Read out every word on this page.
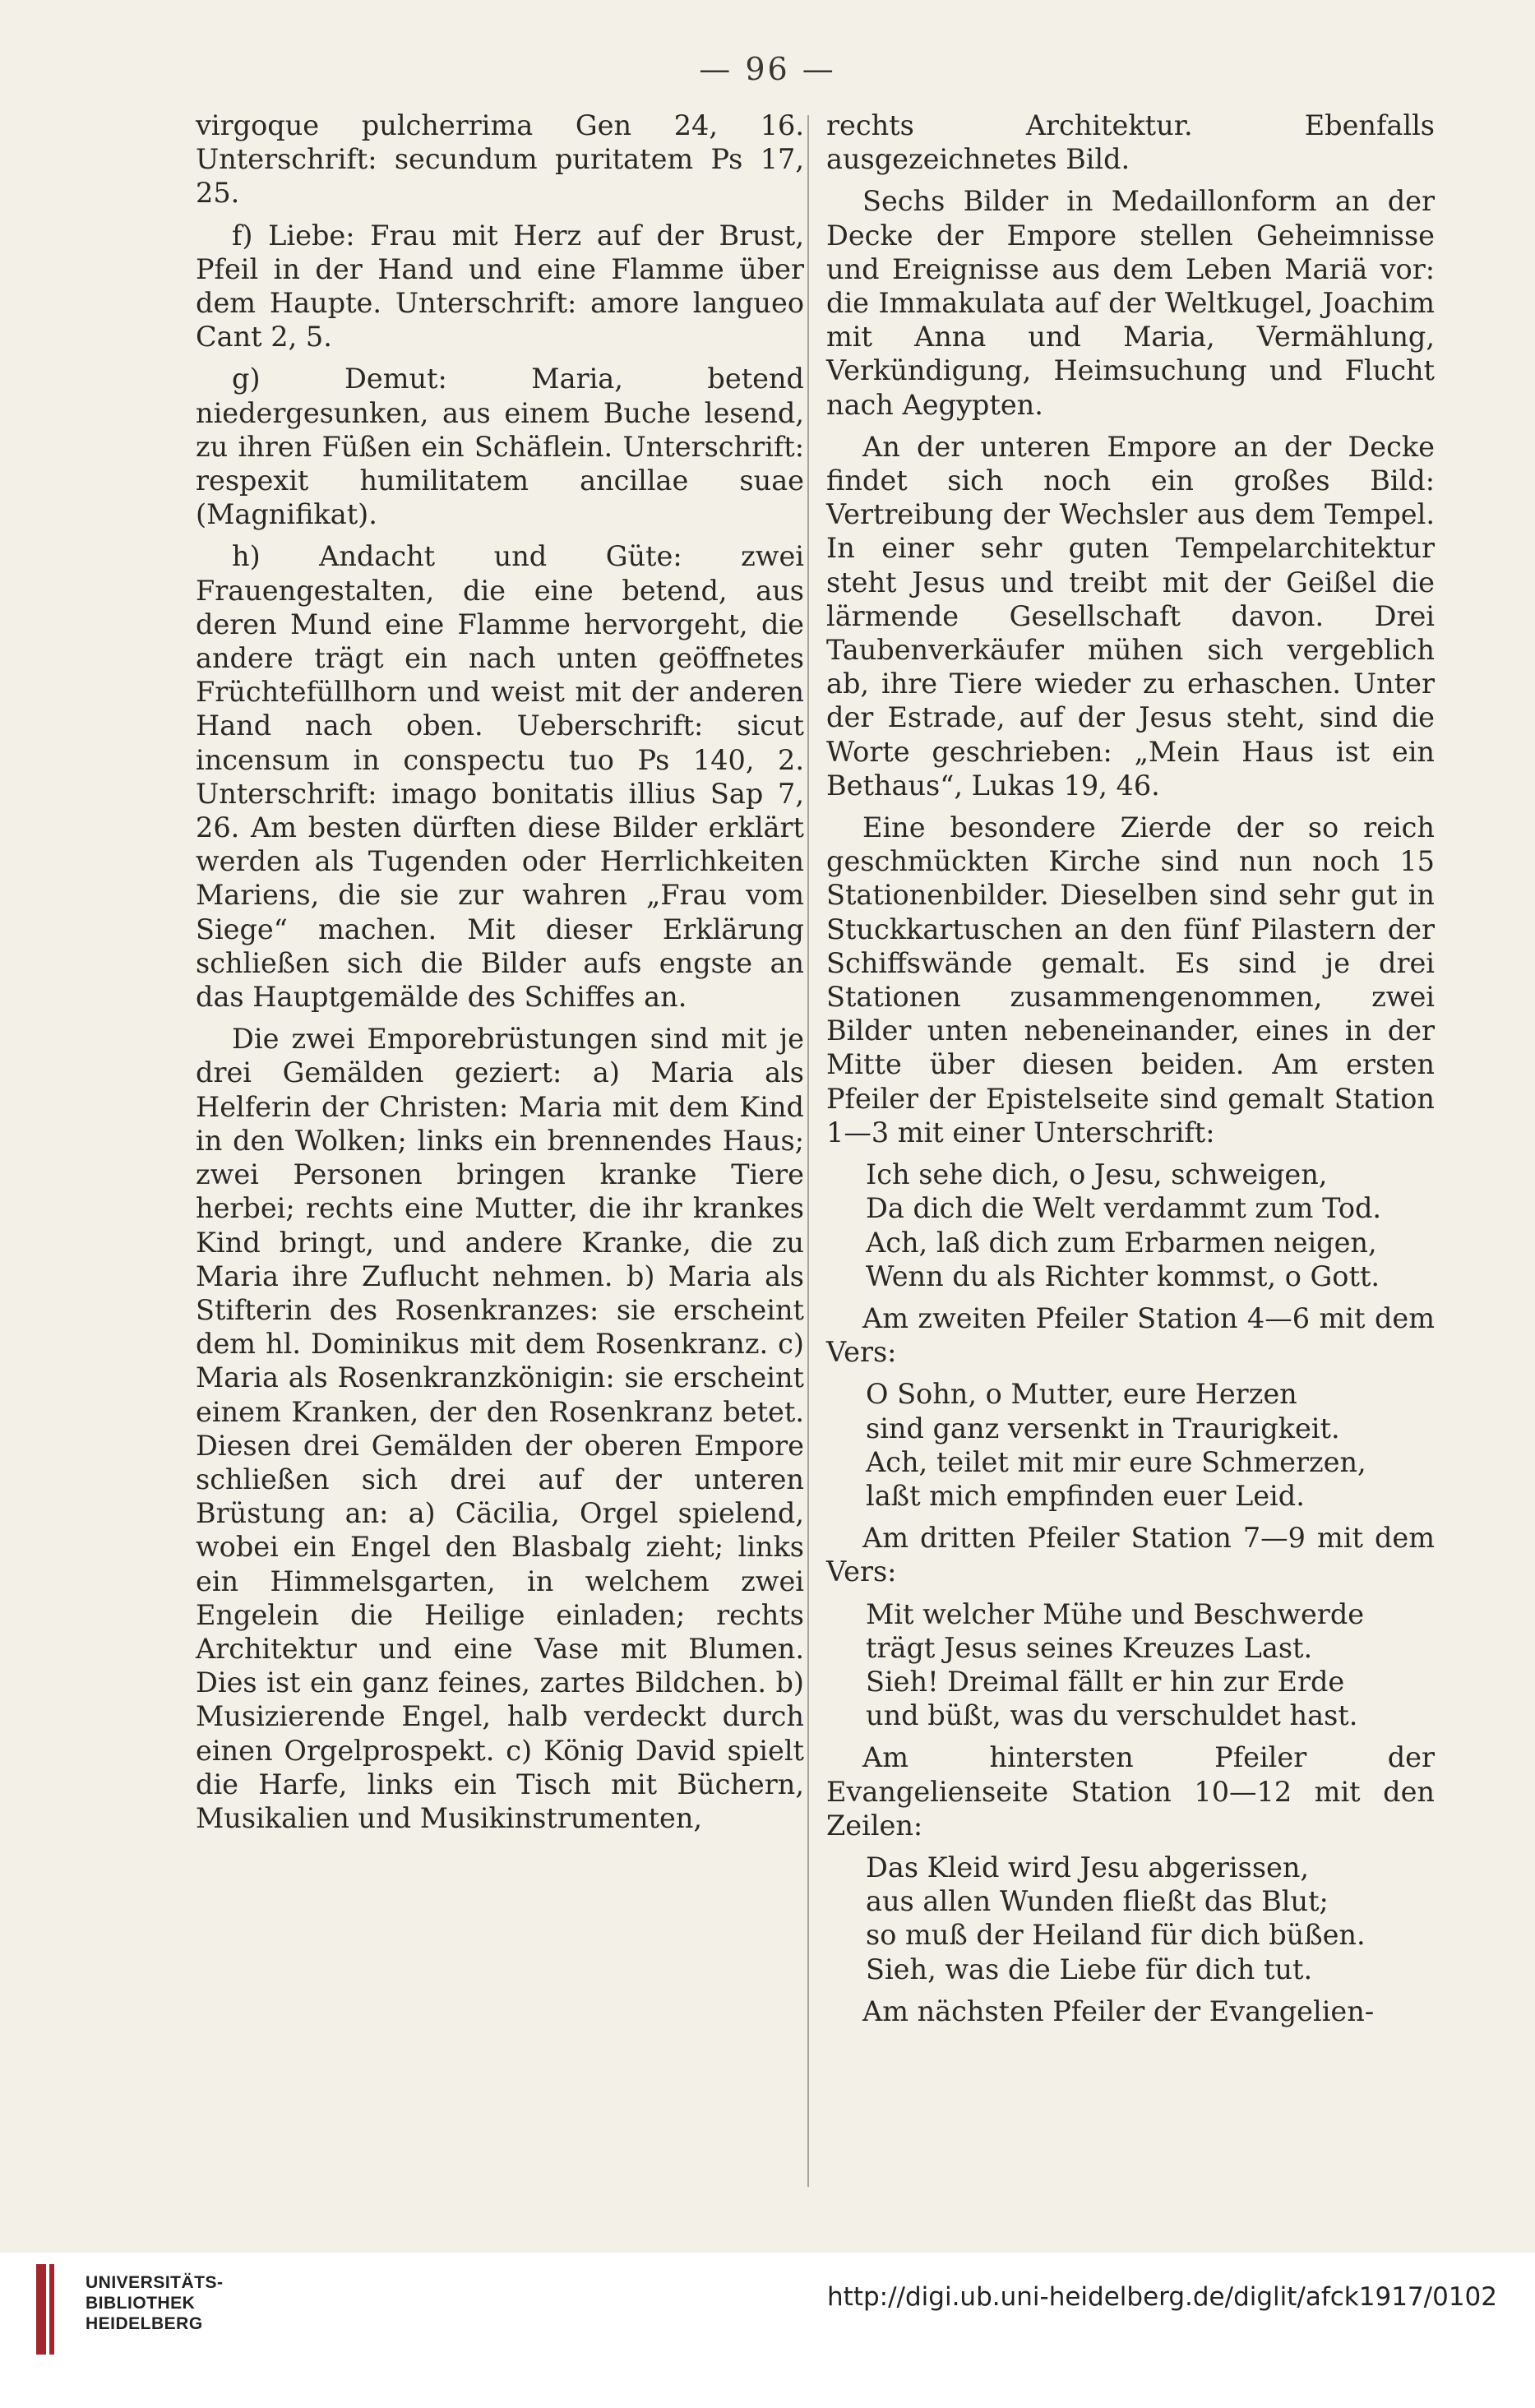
— 96 —

virgoque pulcherrima Gen 24, 16. Unterschrift: secundum puritatem Ps 17, 25.

f) Liebe: Frau mit Herz auf der Brust, Pfeil in der Hand und eine Flamme über dem Haupte. Unterschrift: amore langueo Cant 2, 5.

g) Demut: Maria, betend niedergesunken, aus einem Buche lesend, zu ihren Füßen ein Schäflein. Unterschrift: respexit humilitatem ancillae suae (Magnifikat).

h) Andacht und Güte: zwei Frauengestalten, die eine betend, aus deren Mund eine Flamme hervorgeht, die andere trägt ein nach unten geöffnetes Früchtefüllhorn und weist mit der anderen Hand nach oben. Ueberschrift: sicut incensum in conspectu tuo Ps 140, 2. Unterschrift: imago bonitatis illius Sap 7, 26. Am besten dürften diese Bilder erklärt werden als Tugenden oder Herrlichkeiten Mariens, die sie zur wahren „Frau vom Siege“ machen. Mit dieser Erklärung schließen sich die Bilder aufs engste an das Hauptgemälde des Schiffes an.

Die zwei Emporebrüstungen sind mit je drei Gemälden geziert: a) Maria als Helferin der Christen: Maria mit dem Kind in den Wolken; links ein brennendes Haus; zwei Personen bringen kranke Tiere herbei; rechts eine Mutter, die ihr krankes Kind bringt, und andere Kranke, die zu Maria ihre Zuflucht nehmen. b) Maria als Stifterin des Rosenkranzes: sie erscheint dem hl. Dominikus mit dem Rosenkranz. c) Maria als Rosenkranzkönigin: sie erscheint einem Kranken, der den Rosenkranz betet. Diesen drei Gemälden der oberen Empore schließen sich drei auf der unteren Brüstung an: a) Cäcilia, Orgel spielend, wobei ein Engel den Blasbalg zieht; links ein Himmelsgarten, in welchem zwei Engelein die Heilige einladen; rechts Architektur und eine Vase mit Blumen. Dies ist ein ganz feines, zartes Bildchen. b) Musizierende Engel, halb verdeckt durch einen Orgelprospekt. c) König David spielt die Harfe, links ein Tisch mit Büchern, Musikalien und Musikinstrumenten,

rechts Architektur. Ebenfalls ausgezeichnetes Bild.

Sechs Bilder in Medaillonform an der Decke der Empore stellen Geheimnisse und Ereignisse aus dem Leben Mariä vor: die Immakulata auf der Weltkugel, Joachim mit Anna und Maria, Vermählung, Verkündigung, Heimsuchung und Flucht nach Aegypten.

An der unteren Empore an der Decke findet sich noch ein großes Bild: Vertreibung der Wechsler aus dem Tempel. In einer sehr guten Tempelarchitektur steht Jesus und treibt mit der Geißel die lärmende Gesellschaft davon. Drei Taubenverkäufer mühen sich vergeblich ab, ihre Tiere wieder zu erhaschen. Unter der Estrade, auf der Jesus steht, sind die Worte geschrieben: „Mein Haus ist ein Bethaus“, Lukas 19, 46.

Eine besondere Zierde der so reich geschmückten Kirche sind nun noch 15 Stationenbilder. Dieselben sind sehr gut in Stuckkartuschen an den fünf Pilastern der Schiffswände gemalt. Es sind je drei Stationen zusammengenommen, zwei Bilder unten nebeneinander, eines in der Mitte über diesen beiden. Am ersten Pfeiler der Epistelseite sind gemalt Station 1—3 mit einer Unterschrift:

Ich sehe dich, o Jesu, schweigen,

Da dich die Welt verdammt zum Tod.

Ach, laß dich zum Erbarmen neigen,

Wenn du als Richter kommst, o Gott.

Am zweiten Pfeiler Station 4—6 mit dem Vers:

O Sohn, o Mutter, eure Herzen

sind ganz versenkt in Traurigkeit.

Ach, teilet mit mir eure Schmerzen,

laßt mich empfinden euer Leid.

Am dritten Pfeiler Station 7—9 mit dem Vers:

Mit welcher Mühe und Beschwerde

trägt Jesus seines Kreuzes Last.

Sieh! Dreimal fällt er hin zur Erde

und büßt, was du verschuldet hast.

Am hintersten Pfeiler der Evangelienseite Station 10—12 mit den Zeilen:

Das Kleid wird Jesu abgerissen,

aus allen Wunden fließt das Blut;

so muß der Heiland für dich büßen.

Sieh, was die Liebe für dich tut.

Am nächsten Pfeiler der Evangelien-

UNIVERSITÄTS-
BIBLIOTHEK
HEIDELBERG
http://digi.ub.uni-heidelberg.de/diglit/afck1917/0102
